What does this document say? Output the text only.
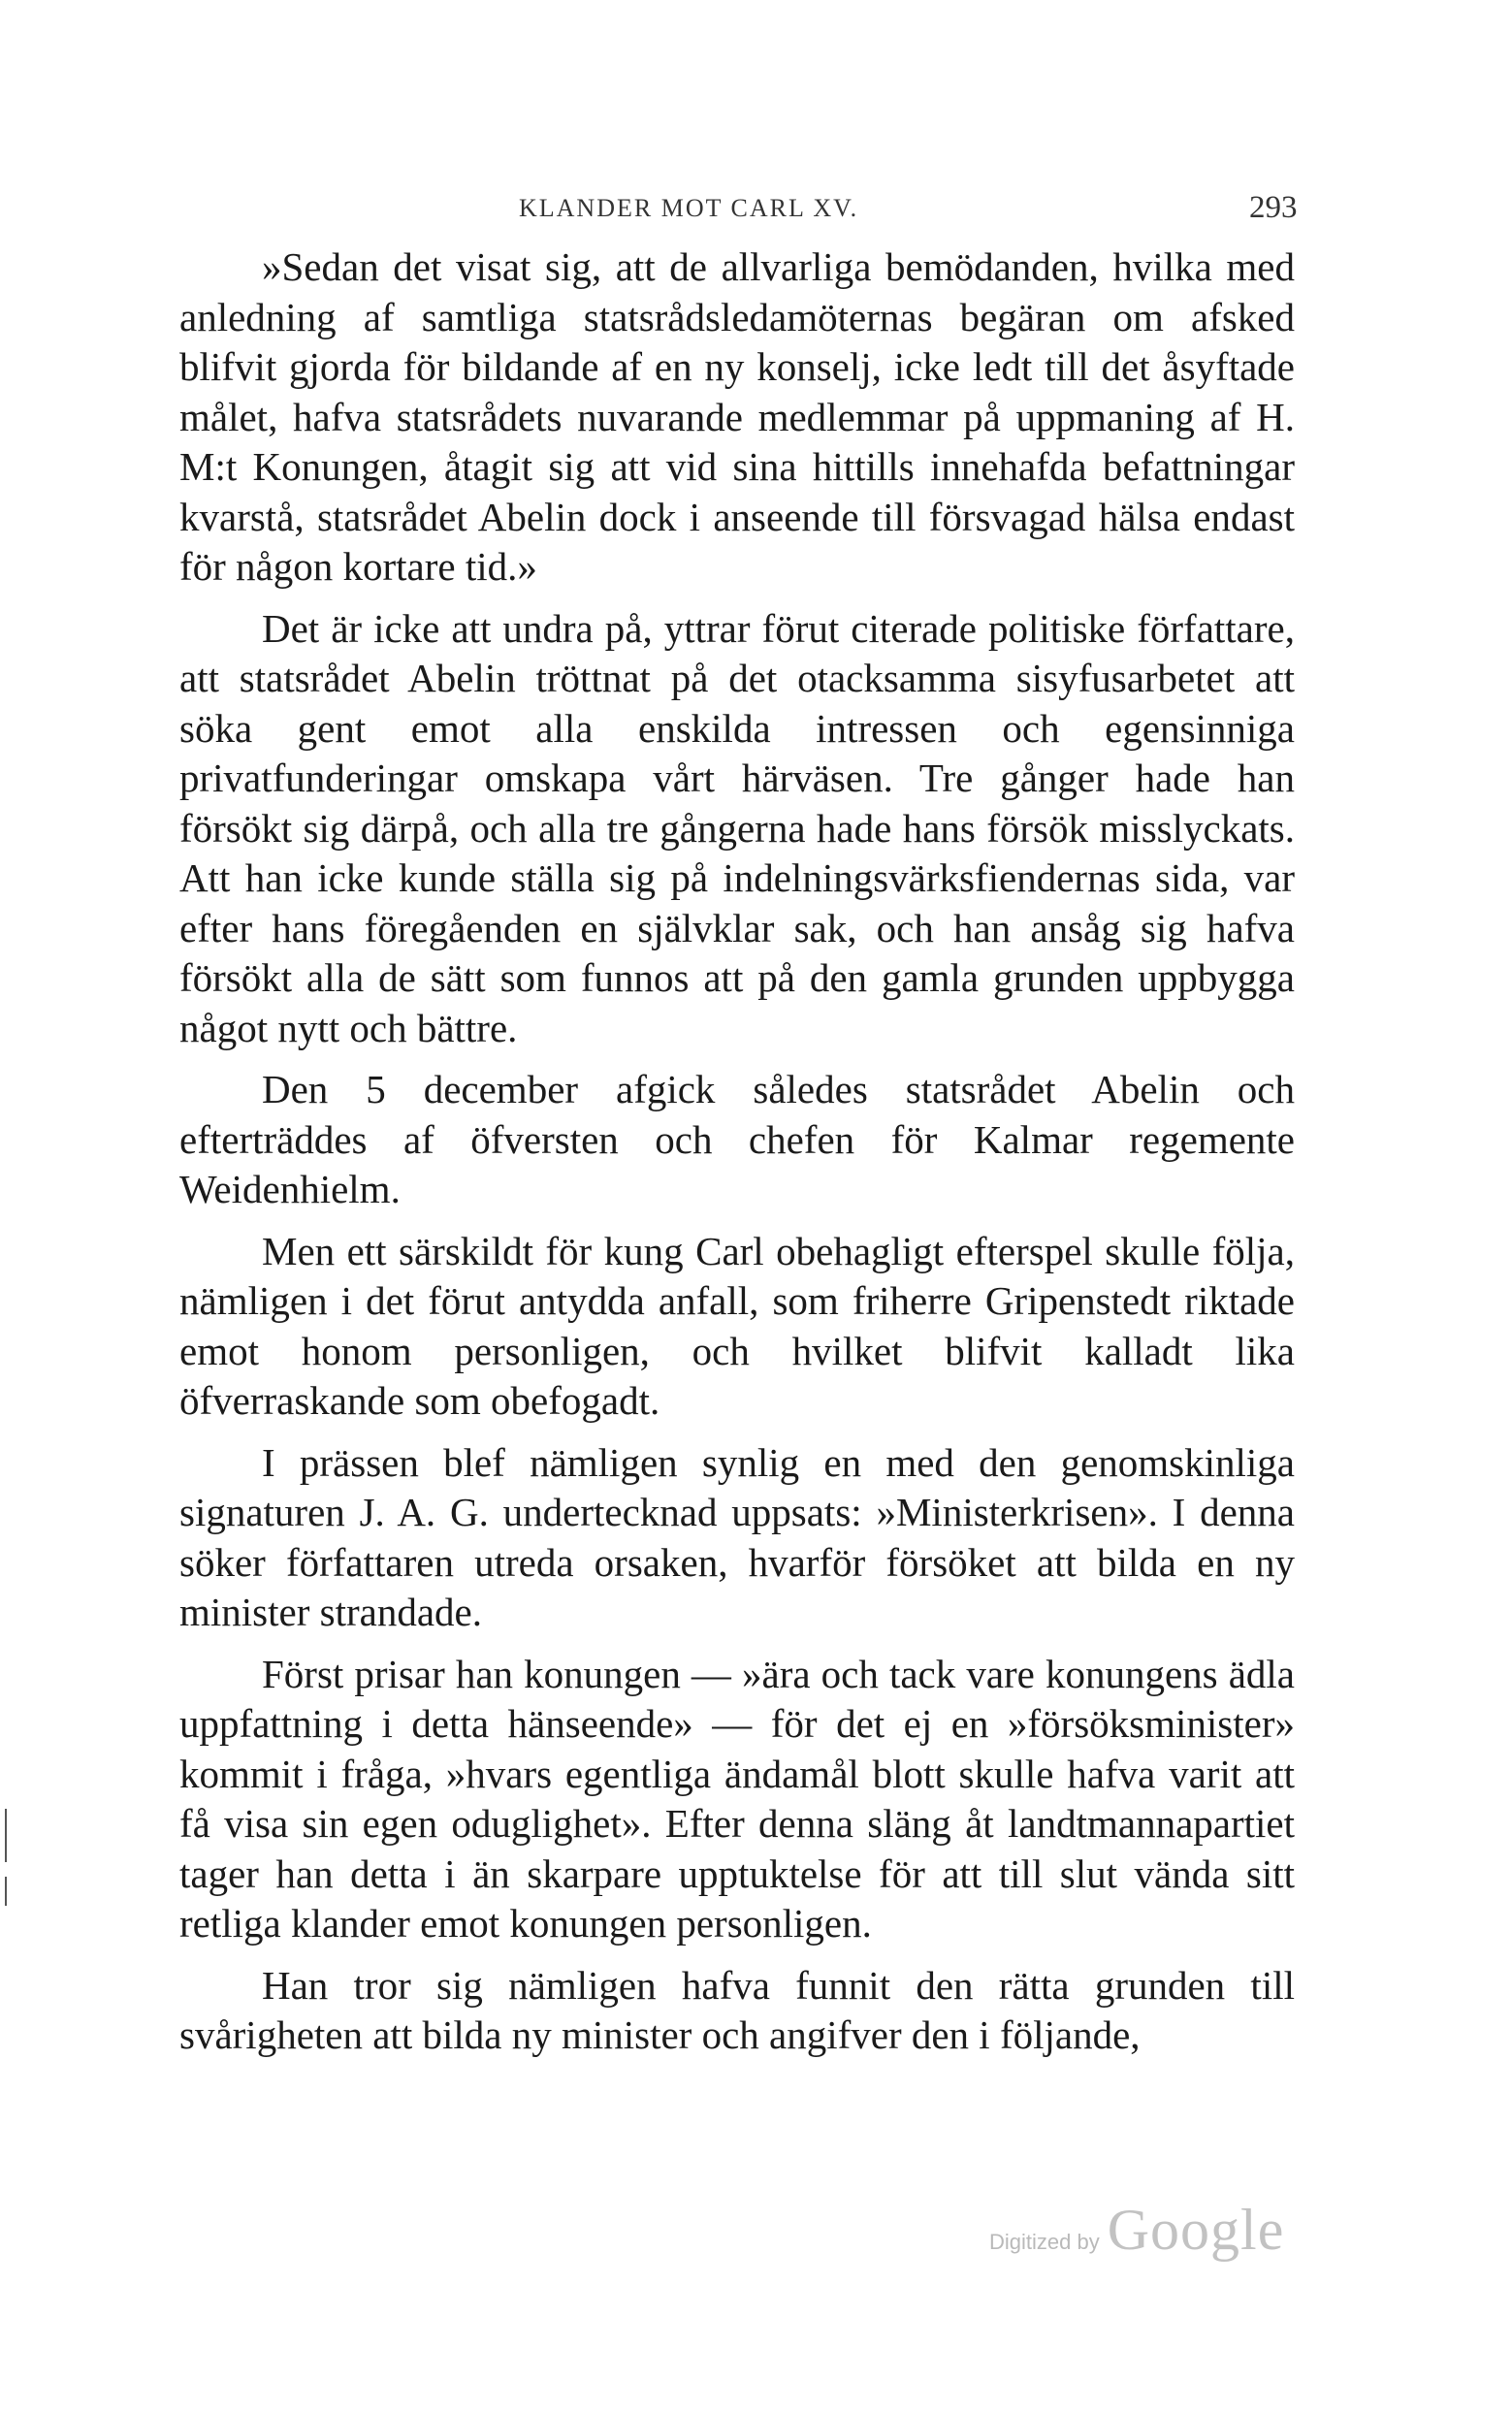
KLANDER MOT CARL XV.	293

»Sedan det visat sig, att de allvarliga bemödanden, hvilka med anledning af samtliga statsrådsledamöternas begäran om afsked blifvit gjorda för bildande af en ny konselj, icke ledt till det åsyftade målet, hafva statsrådets nuvarande medlemmar på uppmaning af H. M:t Konungen, åtagit sig att vid sina hittills innehafda befattningar kvarstå, statsrådet Abelin dock i anseende till försvagad hälsa endast för någon kortare tid.»

Det är icke att undra på, yttrar förut citerade politiske författare, att statsrådet Abelin tröttnat på det otacksamma sisyfusarbetet att söka gent emot alla enskilda intressen och egensinniga privatfunderingar omskapa vårt härväsen. Tre gånger hade han försökt sig därpå, och alla tre gångerna hade hans försök misslyckats. Att han icke kunde ställa sig på indelningsvärksfiendernas sida, var efter hans föregåenden en självklar sak, och han ansåg sig hafva försökt alla de sätt som funnos att på den gamla grunden uppbygga något nytt och bättre.

Den 5 december afgick således statsrådet Abelin och efterträddes af öfversten och chefen för Kalmar regemente Weidenhielm.

Men ett särskildt för kung Carl obehagligt efterspel skulle följa, nämligen i det förut antydda anfall, som friherre Gripenstedt riktade emot honom personligen, och hvilket blifvit kalladt lika öfverraskande som obefogadt.

I prässen blef nämligen synlig en med den genomskinliga signaturen J. A. G. undertecknad uppsats: »Ministerkrisen». I denna söker författaren utreda orsaken, hvarför försöket att bilda en ny minister strandade.

Först prisar han konungen — »ära och tack vare konungens ädla uppfattning i detta hänseende» — för det ej en »försöksminister» kommit i fråga, »hvars egentliga ändamål blott skulle hafva varit att få visa sin egen oduglighet». Efter denna släng åt landtmannapartiet tager han detta i än skarpare upptuktelse för att till slut vända sitt retliga klander emot konungen personligen.

Han tror sig nämligen hafva funnit den rätta grunden till svårigheten att bilda ny minister och angifver den i följande,

Digitized by Google
